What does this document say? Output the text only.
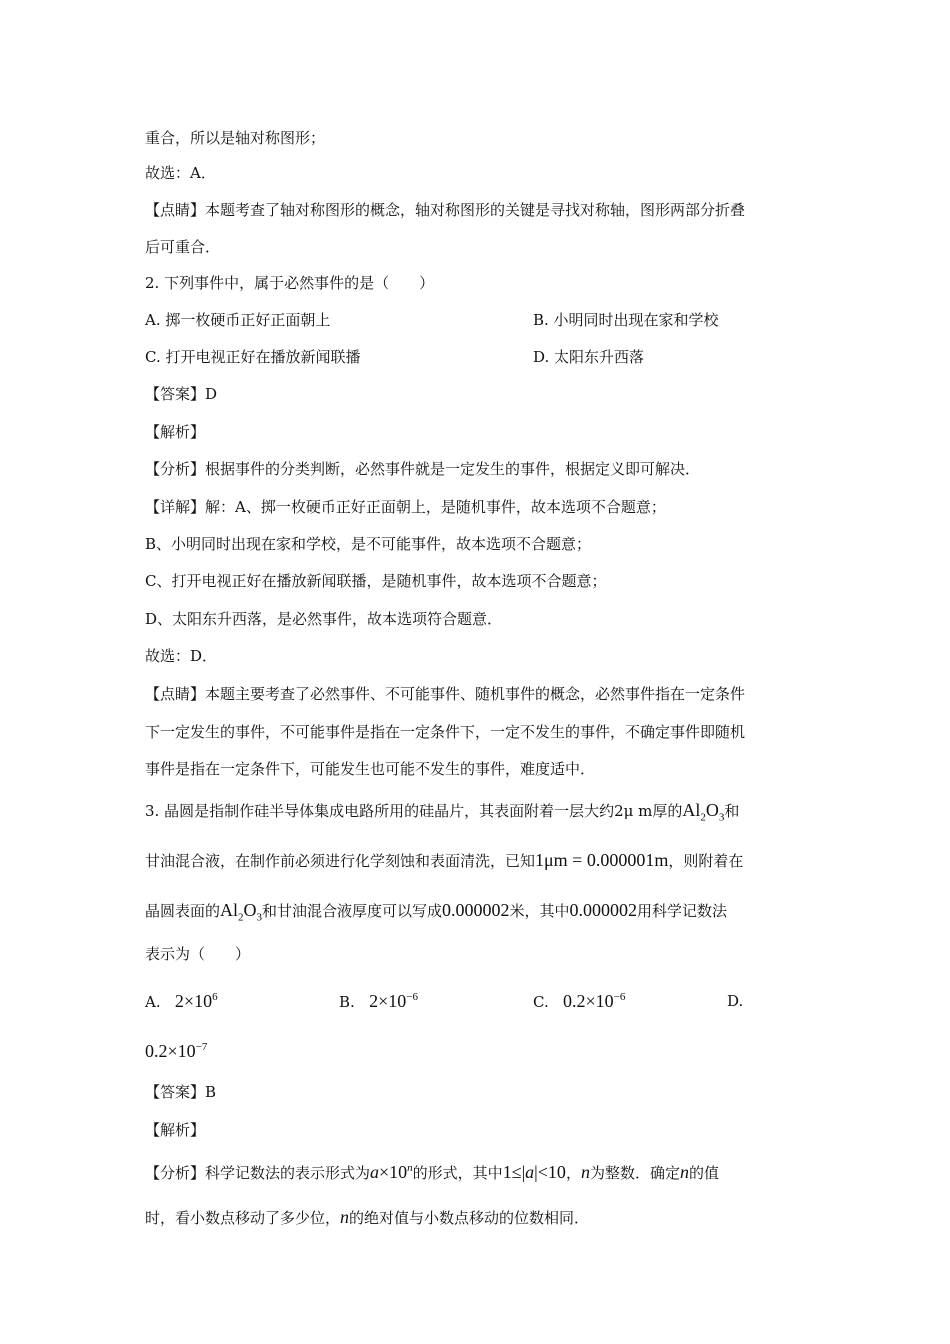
重合，所以是轴对称图形；
故选：A．
【点睛】本题考查了轴对称图形的概念，轴对称图形的关键是寻找对称轴，图形两部分折叠
后可重合．
2. 下列事件中，属于必然事件的是（　　）
A. 掷一枚硬币正好正面朝上	B. 小明同时出现在家和学校
C. 打开电视正好在播放新闻联播	D. 太阳东升西落
【答案】D
【解析】
【分析】根据事件的分类判断，必然事件就是一定发生的事件，根据定义即可解决．
【详解】解：A、掷一枚硬币正好正面朝上，是随机事件，故本选项不合题意；
B、小明同时出现在家和学校，是不可能事件，故本选项不合题意；
C、打开电视正好在播放新闻联播，是随机事件，故本选项不合题意；
D、太阳东升西落，是必然事件，故本选项符合题意．
故选：D．
【点睛】本题主要考查了必然事件、不可能事件、随机事件的概念，必然事件指在一定条件
下一定发生的事件，不可能事件是指在一定条件下，一定不发生的事件，不确定事件即随机
事件是指在一定条件下，可能发生也可能不发生的事件，难度适中．
3. 晶圆是指制作硅半导体集成电路所用的硅晶片，其表面附着一层大约2μ m厚的$Al_2O_3$和
甘油混合液，在制作前必须进行化学刻蚀和表面清洗，已知1μm = 0.000001m，则附着在
晶圆表面的$Al_2O_3$和甘油混合液厚度可以写成0.000002米，其中0.000002用科学记数法
表示为（　　）
A. $2\times 10^6$	B. $2\times 10^{-6}$	C. $0.2\times 10^{-6}$	D.
$0.2\times 10^{-7}$
【答案】B
【解析】
【分析】科学记数法的表示形式为$a\times 10^n$的形式，其中1≤|a|<10，n为整数．确定n的值
时，看小数点移动了多少位，n的绝对值与小数点移动的位数相同．
